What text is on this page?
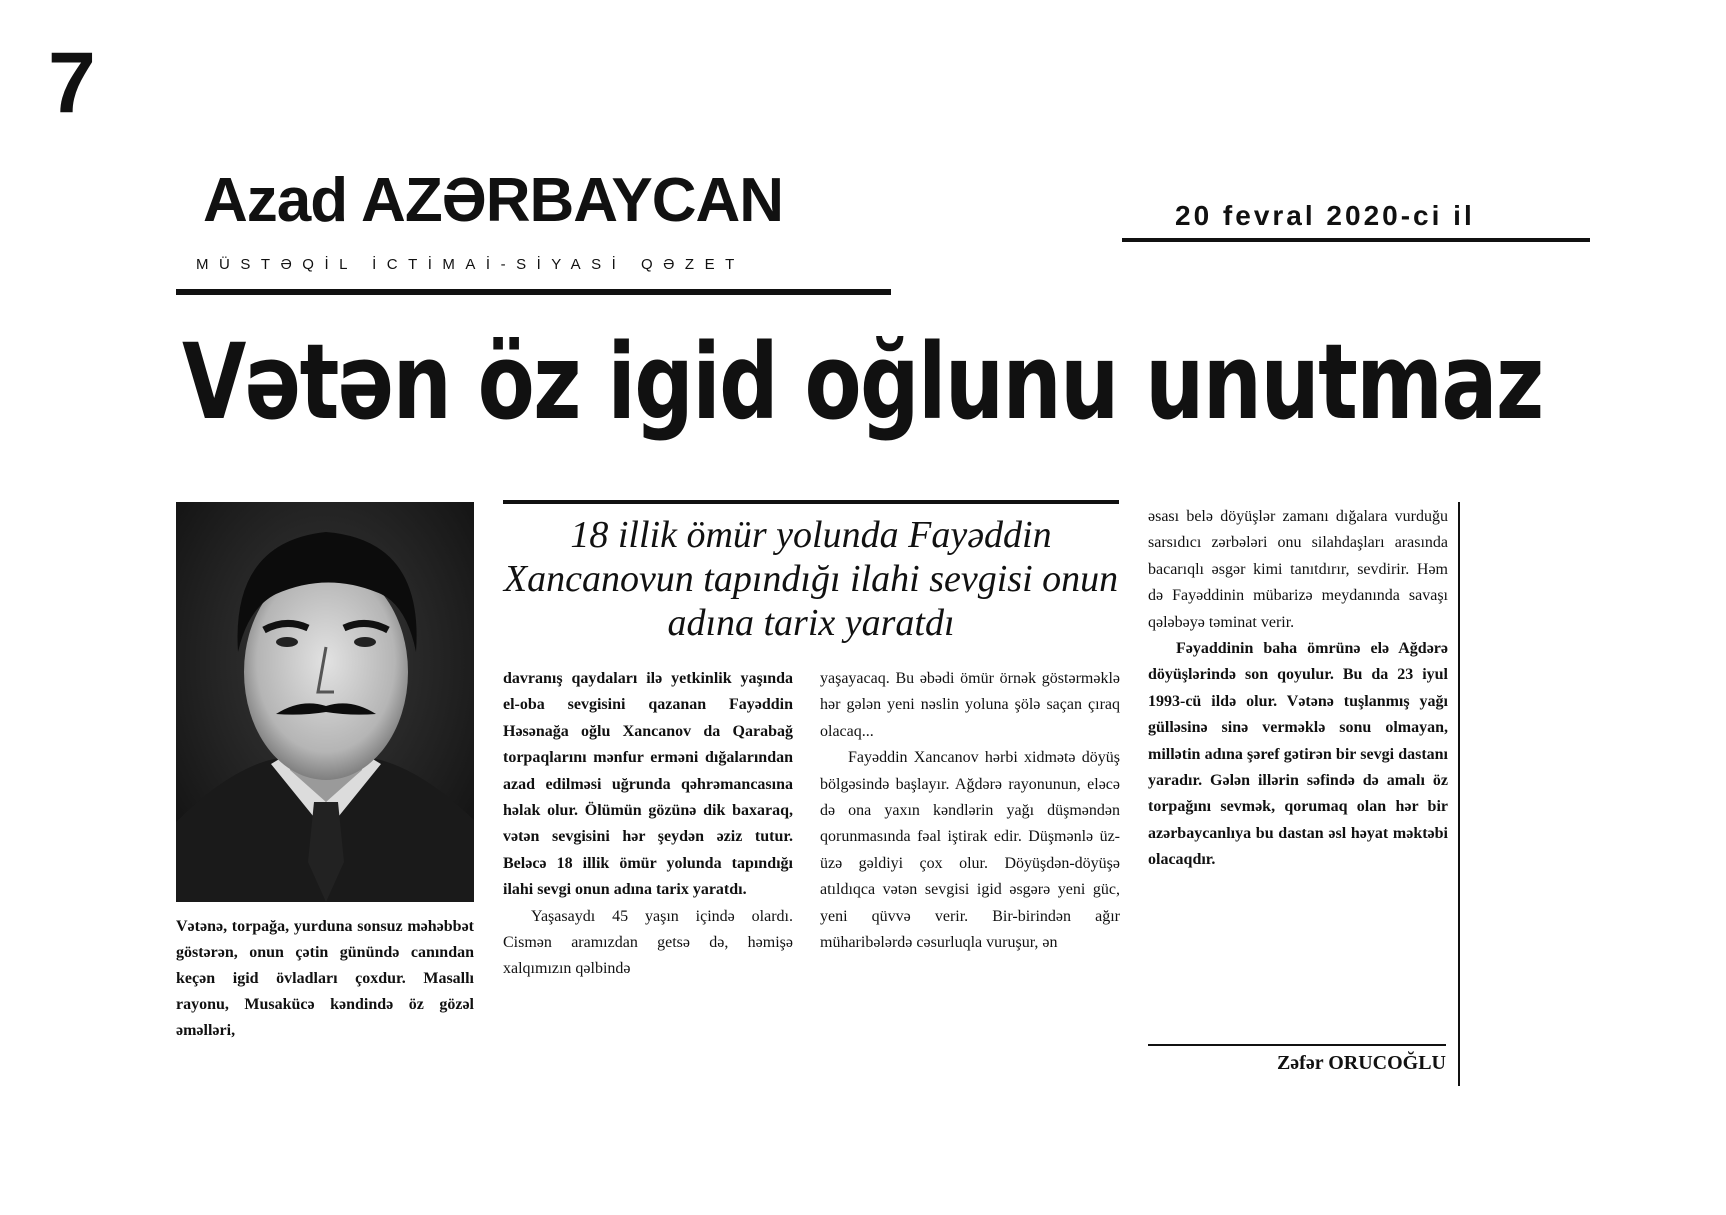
7
Azad AZƏRBAYCAN
MÜSTƏQİL İCTİMAİ-SİYASİ QƏZET
20 fevral 2020-ci il
Vətən öz igid oğlunu unutmaz
Vətənə, torpağa, yurduna sonsuz məhəbbət göstərən, onun çətin günündə canından keçən igid övladları çoxdur. Masallı rayonu, Musakücə kəndində öz gözəl əməlləri,
18 illik ömür yolunda Fayəddin Xancanovun tapındığı ilahi sevgisi onun adına tarix yaratdı

davranış qaydaları ilə yetkinlik yaşında el-oba sevgisini qazanan Fayəddin Həsənağa oğlu Xancanov da Qarabağ torpaqlarını mənfur erməni dığalarından azad edilməsi uğrunda qəhrəmancasına həlak olur. Ölümün gözünə dik baxaraq, vətən sevgisini hər şeydən əziz tutur. Beləcə 18 illik ömür yolunda tapındığı ilahi sevgi onun adına tarix yaratdı.

Yaşasaydı 45 yaşın içində olardı. Cismən aramızdan getsə də, həmişə xalqımızın qəlbində

yaşayacaq. Bu əbədi ömür örnək göstərməklə hər gələn yeni nəslin yoluna şölə saçan çıraq olacaq...

Fayəddin Xancanov hərbi xidmətə döyüş bölgəsində başlayır. Ağdərə rayonunun, eləcə də ona yaxın kəndlərin yağı düşməndən qorunmasında fəal iştirak edir. Düşmənlə üz-üzə gəldiyi çox olur. Döyüşdən-döyüşə atıldıqca vətən sevgisi igid əsgərə yeni güc, yeni qüvvə verir. Bir-birindən ağır müharibələrdə cəsurluqla vuruşur, ən

əsası belə döyüşlər zamanı dığalara vurduğu sarsıdıcı zərbələri onu silahdaşları arasında bacarıqlı əsgər kimi tanıtdırır, sevdirir. Həm də Fayəddinin mübarizə meydanında savaşı qələbəyə təminat verir.

Fəyaddinin baha ömrünə elə Ağdərə döyüşlərində son qoyulur. Bu da 23 iyul 1993-cü ildə olur. Vətənə tuşlanmış yağı gülləsinə sinə verməklə sonu olmayan, millətin adına şəref gətirən bir sevgi dastanı yaradır. Gələn illərin səfində də amalı öz torpağını sevmək, qorumaq olan hər bir azərbaycanlıya bu dastan əsl həyat məktəbi olacaqdır.

Zəfər ORUCOĞLU
